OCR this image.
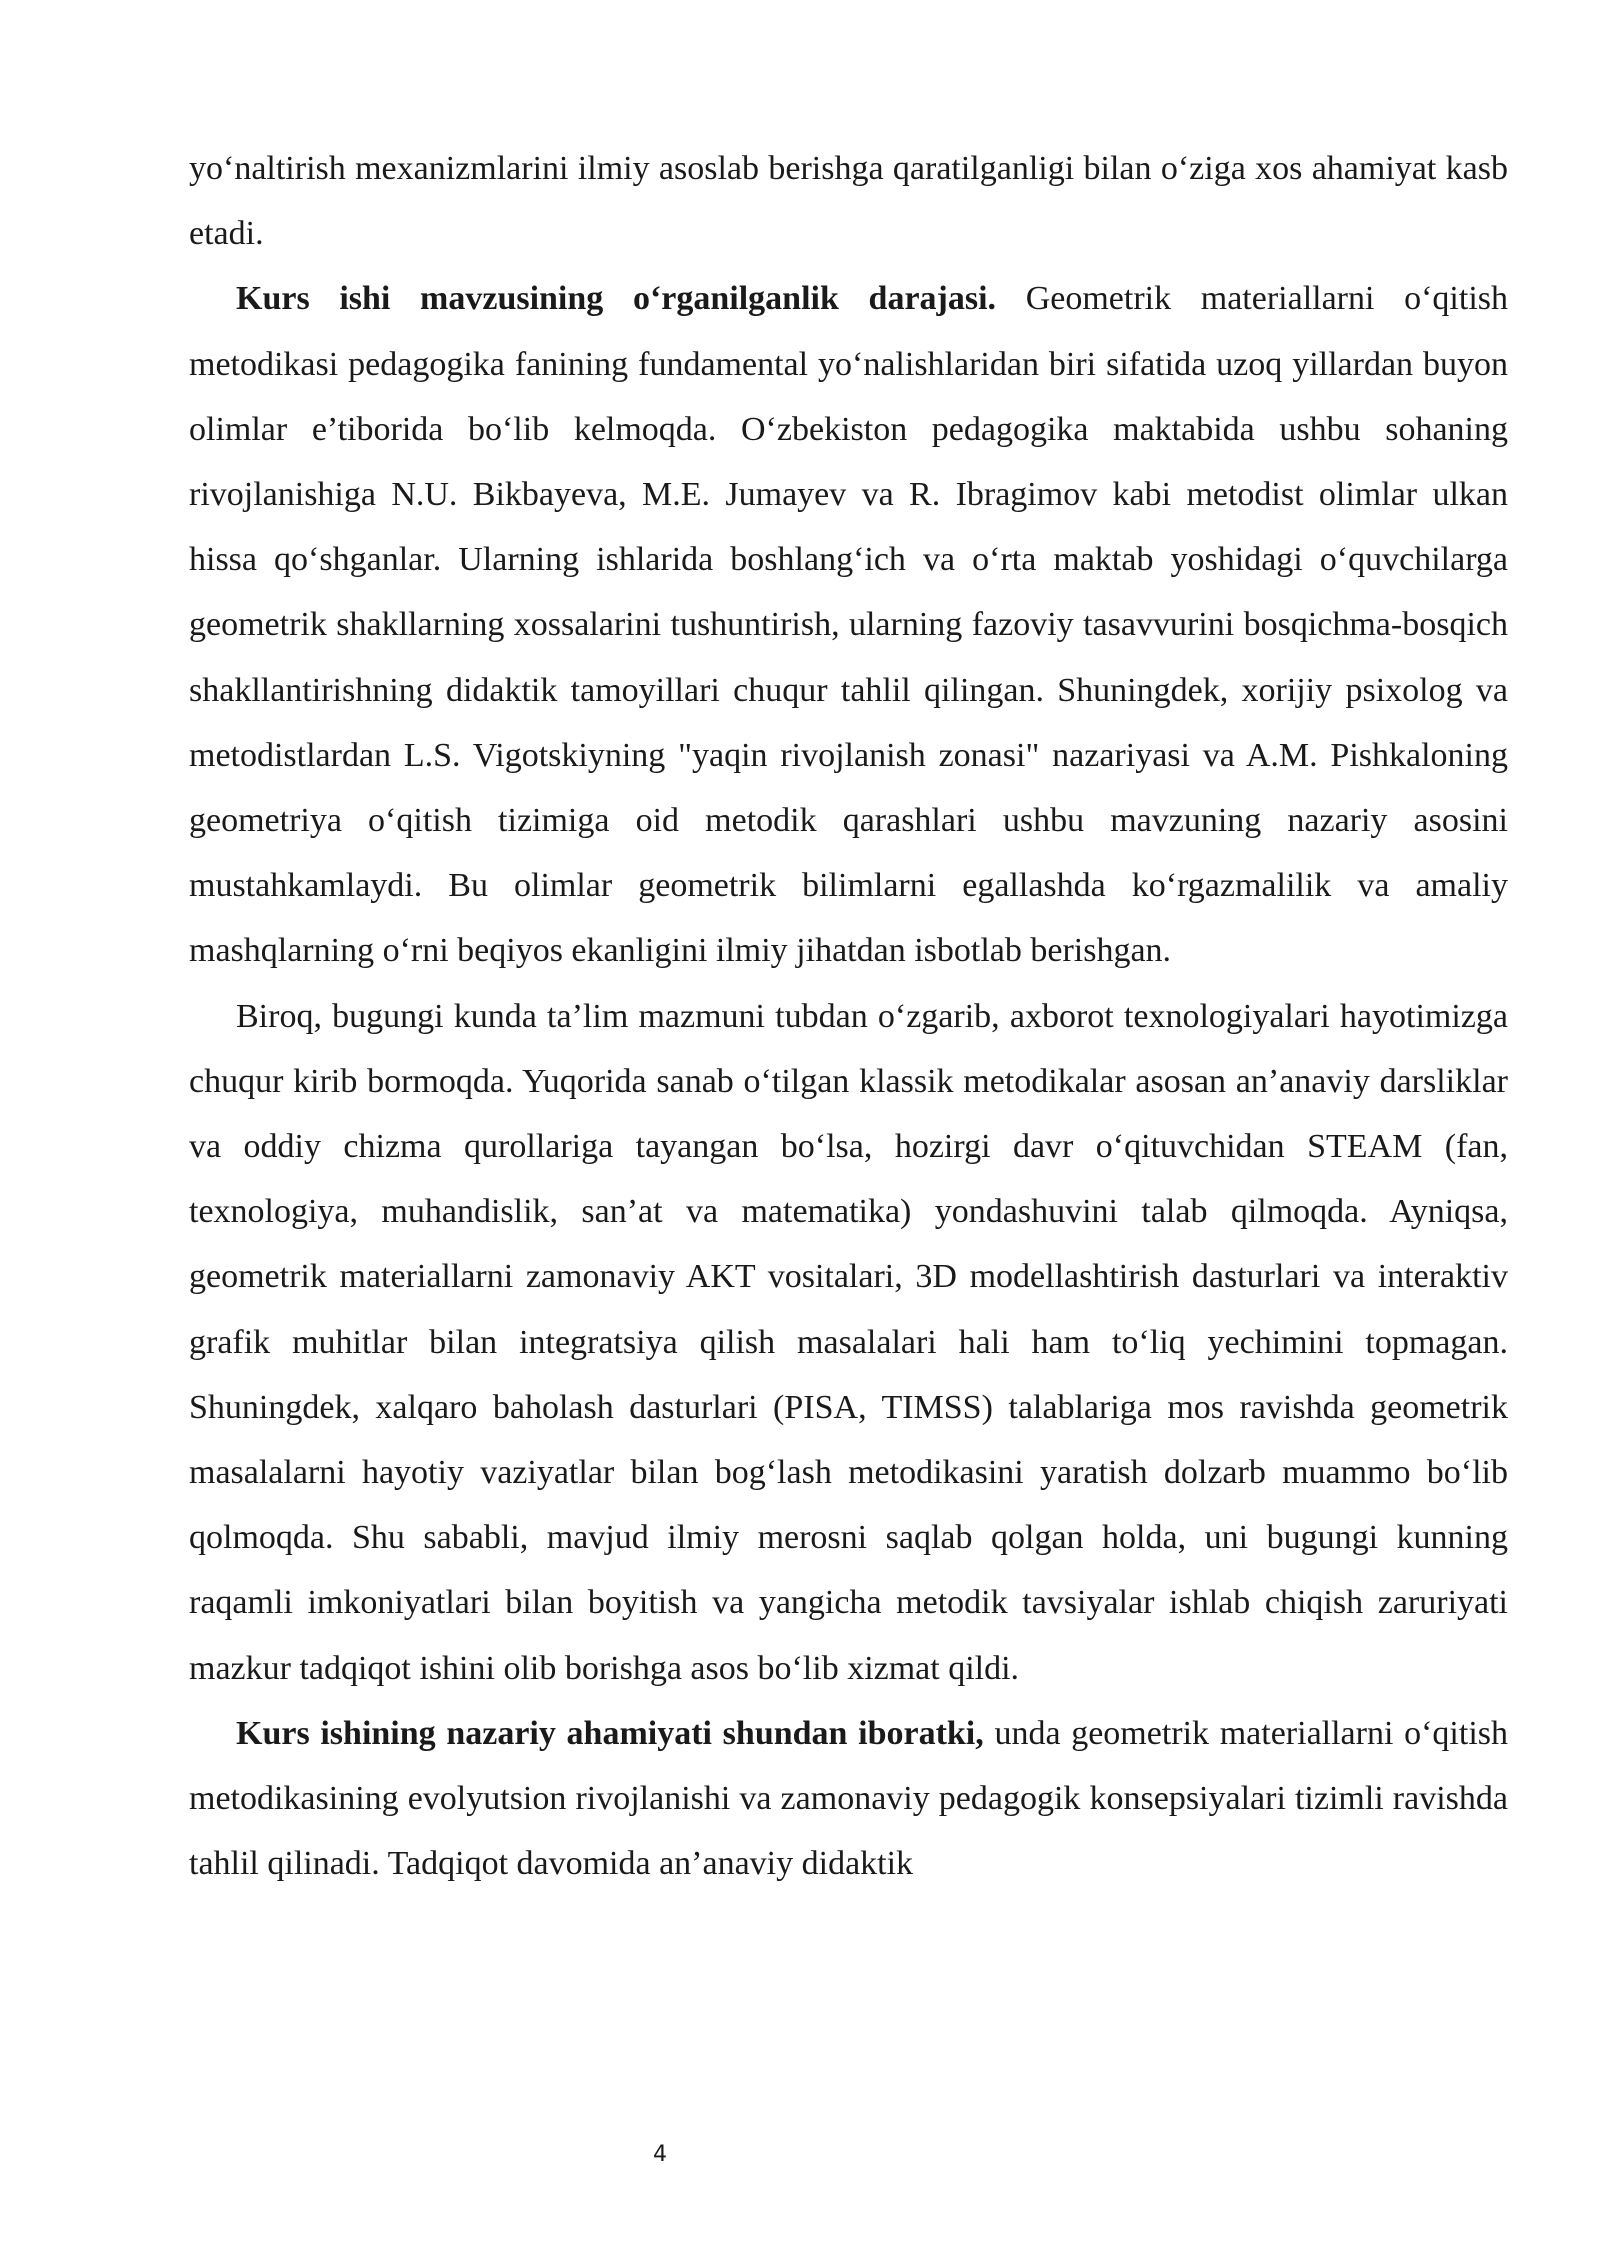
yo‘naltirish mexanizmlarini ilmiy asoslab berishga qaratilganligi bilan o‘ziga xos ahamiyat kasb etadi.

Kurs ishi mavzusining o‘rganilganlik darajasi. Geometrik materiallarni o‘qitish metodikasi pedagogika fanining fundamental yo‘nalishlaridan biri sifatida uzoq yillardan buyon olimlar e’tiborida bo‘lib kelmoqda. O‘zbekiston pedagogika maktabida ushbu sohaning rivojlanishiga N.U. Bikbayeva, M.E. Jumayev va R. Ibragimov kabi metodist olimlar ulkan hissa qo‘shganlar. Ularning ishlarida boshlang‘ich va o‘rta maktab yoshidagi o‘quvchilarga geometrik shakllarning xossalarini tushuntirish, ularning fazoviy tasavvurini bosqichma-bosqich shakllantirishning didaktik tamoyillari chuqur tahlil qilingan. Shuningdek, xorijiy psixolog va metodistlardan L.S. Vigotskiyning "yaqin rivojlanish zonasi" nazariyasi va A.M. Pishkaloning geometriya o‘qitish tizimiga oid metodik qarashlari ushbu mavzuning nazariy asosini mustahkamlaydi. Bu olimlar geometrik bilimlarni egallashda ko‘rgazmalilik va amaliy mashqlarning o‘rni beqiyos ekanligini ilmiy jihatdan isbotlab berishgan.

Biroq, bugungi kunda ta’lim mazmuni tubdan o‘zgarib, axborot texnologiyalari hayotimizga chuqur kirib bormoqda. Yuqorida sanab o‘tilgan klassik metodikalar asosan an’anaviy darsliklar va oddiy chizma qurollariga tayangan bo‘lsa, hozirgi davr o‘qituvchidan STEAM (fan, texnologiya, muhandislik, san’at va matematika) yondashuvini talab qilmoqda. Ayniqsa, geometrik materiallarni zamonaviy AKT vositalari, 3D modellashtirish dasturlari va interaktiv grafik muhitlar bilan integratsiya qilish masalalari hali ham to‘liq yechimini topmagan. Shuningdek, xalqaro baholash dasturlari (PISA, TIMSS) talablariga mos ravishda geometrik masalalarni hayotiy vaziyatlar bilan bog‘lash metodikasini yaratish dolzarb muammo bo‘lib qolmoqda. Shu sababli, mavjud ilmiy merosni saqlab qolgan holda, uni bugungi kunning raqamli imkoniyatlari bilan boyitish va yangicha metodik tavsiyalar ishlab chiqish zaruriyati mazkur tadqiqot ishini olib borishga asos bo‘lib xizmat qildi.

Kurs ishining nazariy ahamiyati shundan iboratki, unda geometrik materiallarni o‘qitish metodikasining evolyutsion rivojlanishi va zamonaviy pedagogik konsepsiyalari tizimli ravishda tahlil qilinadi. Tadqiqot davomida an’anaviy didaktik

4
